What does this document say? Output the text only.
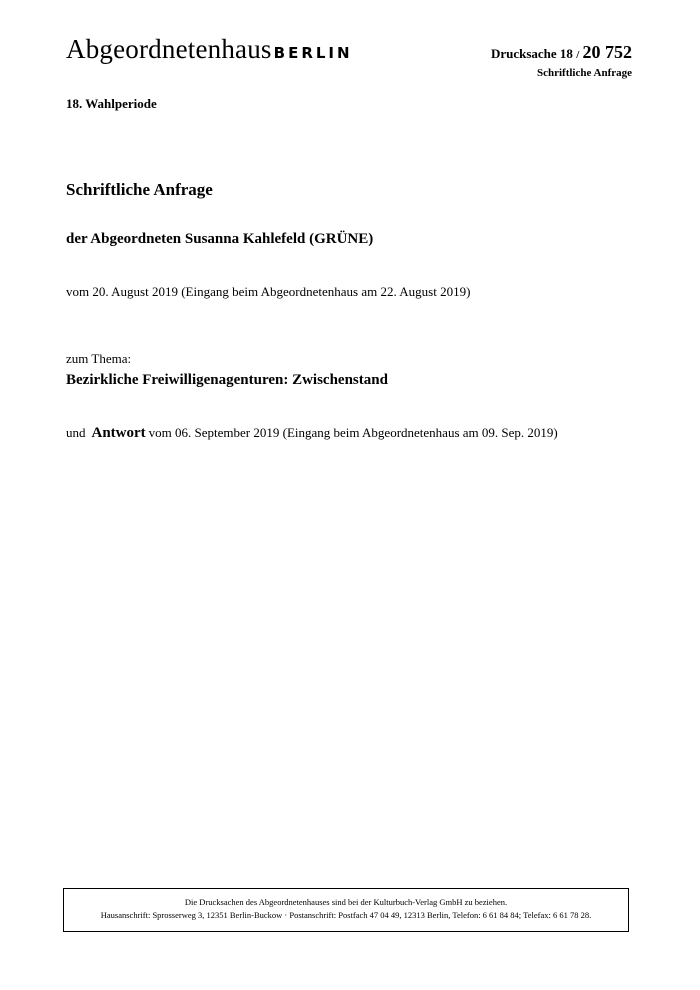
Abgeordnetenhaus BERLIN	Drucksache 18 / 20 752
Schriftliche Anfrage
18. Wahlperiode
Schriftliche Anfrage
der Abgeordneten Susanna Kahlefeld (GRÜNE)
vom 20. August 2019 (Eingang beim Abgeordnetenhaus am 22. August 2019)
zum Thema:
Bezirkliche Freiwilligenagenturen: Zwischenstand
und Antwort vom 06. September 2019 (Eingang beim Abgeordnetenhaus am 09. Sep. 2019)
Die Drucksachen des Abgeordnetenhauses sind bei der Kulturbuch-Verlag GmbH zu beziehen.
Hausanschrift: Sprosserweg 3, 12351 Berlin-Buckow · Postanschrift: Postfach 47 04 49, 12313 Berlin, Telefon: 6 61 84 84; Telefax: 6 61 78 28.
